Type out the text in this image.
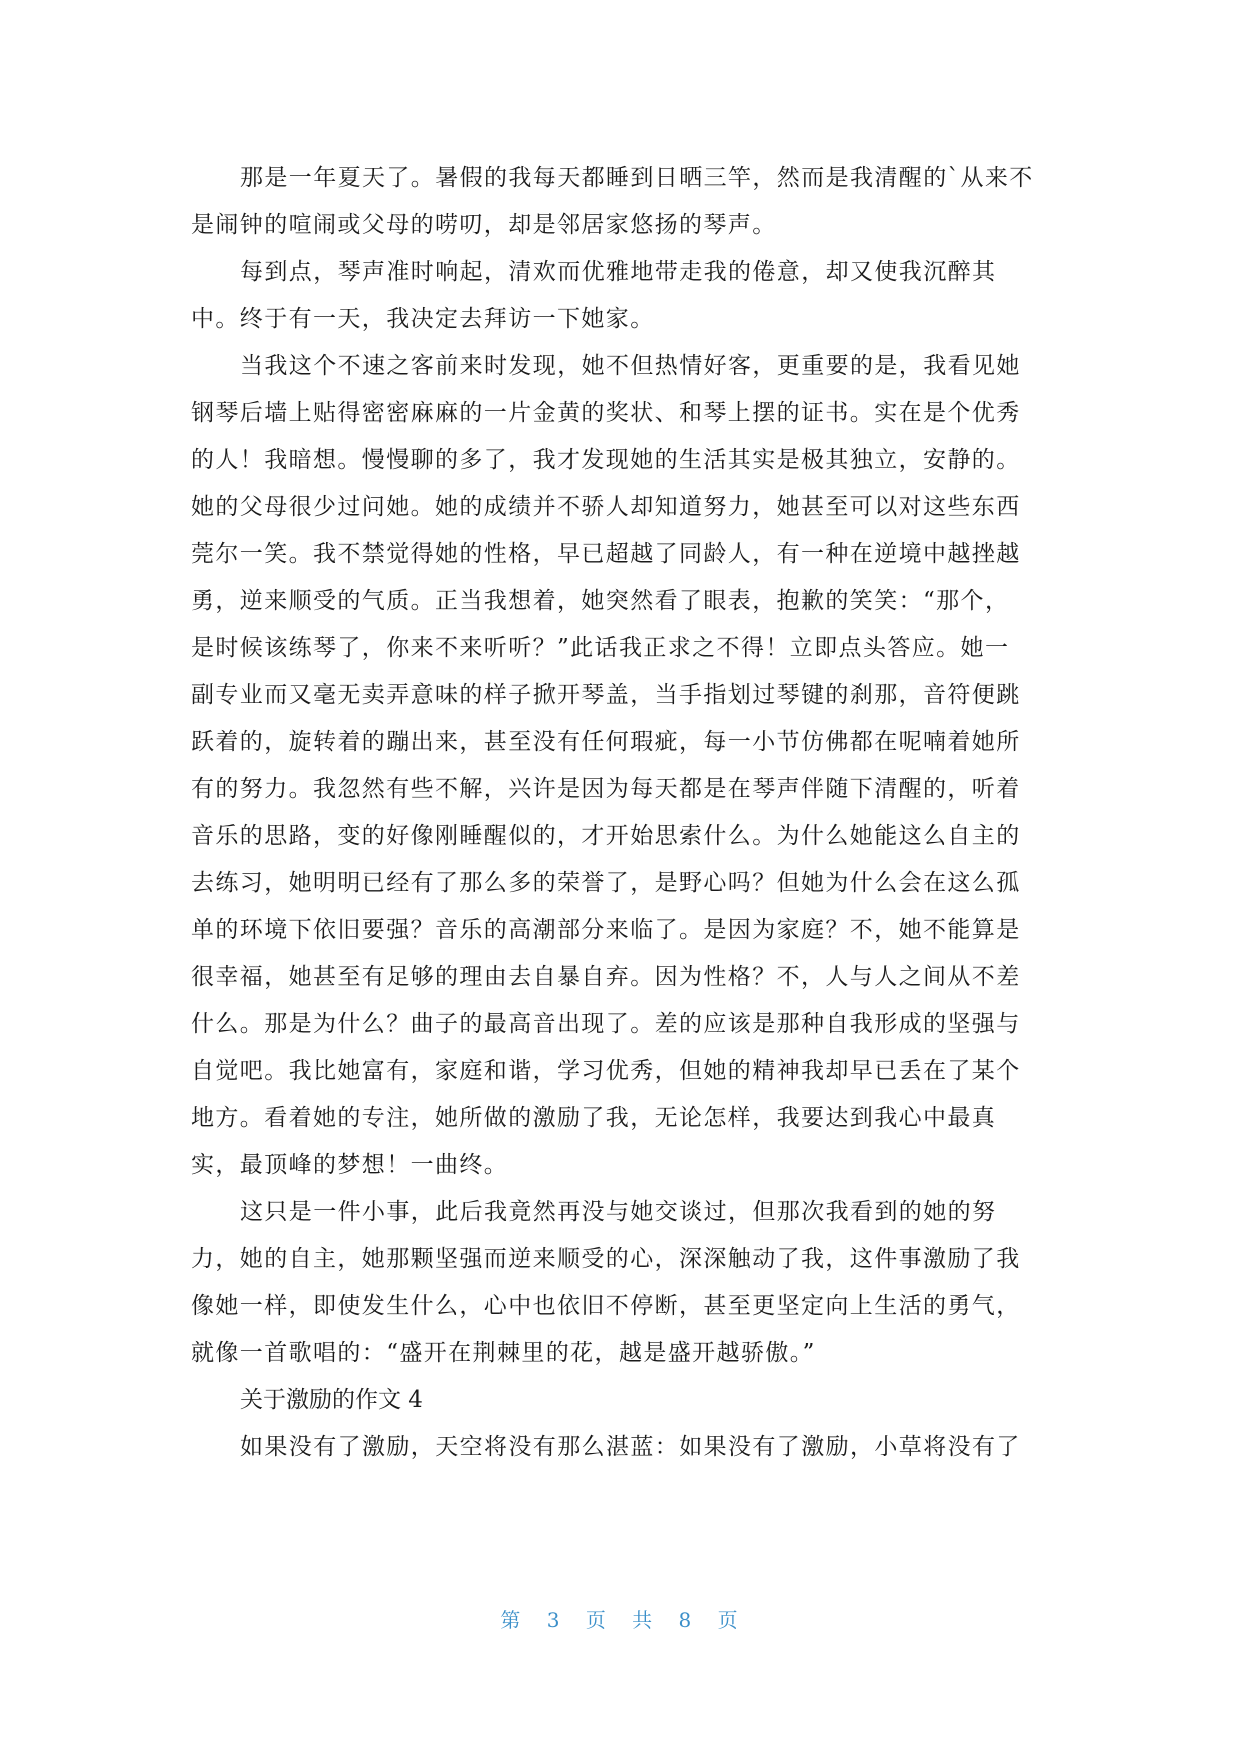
那是一年夏天了。暑假的我每天都睡到日晒三竿，然而是我清醒的`从来不
是闹钟的喧闹或父母的唠叨，却是邻居家悠扬的琴声。
每到点，琴声准时响起，清欢而优雅地带走我的倦意，却又使我沉醉其
中。终于有一天，我决定去拜访一下她家。
当我这个不速之客前来时发现，她不但热情好客，更重要的是，我看见她
钢琴后墙上贴得密密麻麻的一片金黄的奖状、和琴上摆的证书。实在是个优秀
的人！我暗想。慢慢聊的多了，我才发现她的生活其实是极其独立，安静的。
她的父母很少过问她。她的成绩并不骄人却知道努力，她甚至可以对这些东西
莞尔一笑。我不禁觉得她的性格，早已超越了同龄人，有一种在逆境中越挫越
勇，逆来顺受的气质。正当我想着，她突然看了眼表，抱歉的笑笑：“那个，
是时候该练琴了，你来不来听听？”此话我正求之不得！立即点头答应。她一
副专业而又毫无卖弄意味的样子掀开琴盖，当手指划过琴键的刹那，音符便跳
跃着的，旋转着的蹦出来，甚至没有任何瑕疵，每一小节仿佛都在呢喃着她所
有的努力。我忽然有些不解，兴许是因为每天都是在琴声伴随下清醒的，听着
音乐的思路，变的好像刚睡醒似的，才开始思索什么。为什么她能这么自主的
去练习，她明明已经有了那么多的荣誉了，是野心吗？但她为什么会在这么孤
单的环境下依旧要强？音乐的高潮部分来临了。是因为家庭？不，她不能算是
很幸福，她甚至有足够的理由去自暴自弃。因为性格？不，人与人之间从不差
什么。那是为什么？曲子的最高音出现了。差的应该是那种自我形成的坚强与
自觉吧。我比她富有，家庭和谐，学习优秀，但她的精神我却早已丢在了某个
地方。看着她的专注，她所做的激励了我，无论怎样，我要达到我心中最真
实，最顶峰的梦想！一曲终。
这只是一件小事，此后我竟然再没与她交谈过，但那次我看到的她的努
力，她的自主，她那颗坚强而逆来顺受的心，深深触动了我，这件事激励了我
像她一样，即使发生什么，心中也依旧不停断，甚至更坚定向上生活的勇气，
就像一首歌唱的：“盛开在荆棘里的花，越是盛开越骄傲。”
关于激励的作文 4
如果没有了激励，天空将没有那么湛蓝：如果没有了激励，小草将没有了
第 3 页 共 8 页
